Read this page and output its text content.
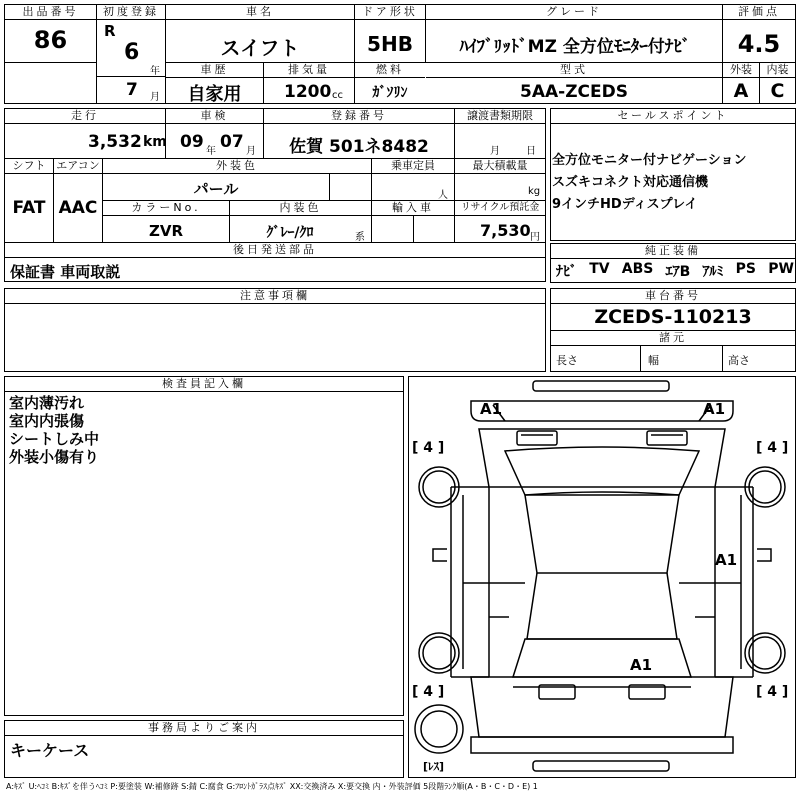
出品番号
86
初度登録
R
6
年
7 月
車名
スイフト
ドア形状
5HB
グレード
ﾊｲﾌﾞﾘｯﾄﾞMZ 全方位ﾓﾆﾀｰ付ﾅﾋﾞ
評価点
4.5
車歴
自家用
排気量
1200 cc
燃料
ｶﾞｿﾘﾝ
型式
5AA-ZCEDS
外装	内装
A	C
走行
3,532 km
車検
09 年 07 月
登録番号
佐賀 501ネ8482
譲渡書類期限
月	日
シフト エアコン
FAT AAC
外装色
パール
乗車定員
人
最大積載量
kg
カラーNo.
ZVR
内装色
ｸﾞﾚｰ/ｸﾛ	系
輸入車	リサイクル預託金
7,530 円
後日発送部品
保証書 車両取説
セールスポイント
全方位モニター付ナビゲーション
スズキコネクト対応通信機
9インチHDディスプレイ
純正装備
ﾅﾋﾞ TV ABS ｴｱB ｱﾙﾐ PS PW
注意事項欄	車台番号
ZCEDS-110213
諸元
長さ	幅	高さ
検査員記入欄
室内薄汚れ
室内内張傷
シートしみ中
外装小傷有り
事務局よりご案内
キーケース
A1	A1
A1
A1
[ 4 ]	[ 4 ]
[ 4 ]	[ 4 ]
[ﾚｽ]
A:ｷｽﾞ U:ﾍｺﾐ B:ｷｽﾞを伴うﾍｺﾐ P:要塗装 W:補修跡 S:錆 C:腐食 G:ﾌﾛﾝﾄｶﾞﾗｽ点ｷｽﾞ XX:交換済み X:要交換 内・外装評価 5段階ﾗﾝｸ順(A・B・C・D・E) 1
